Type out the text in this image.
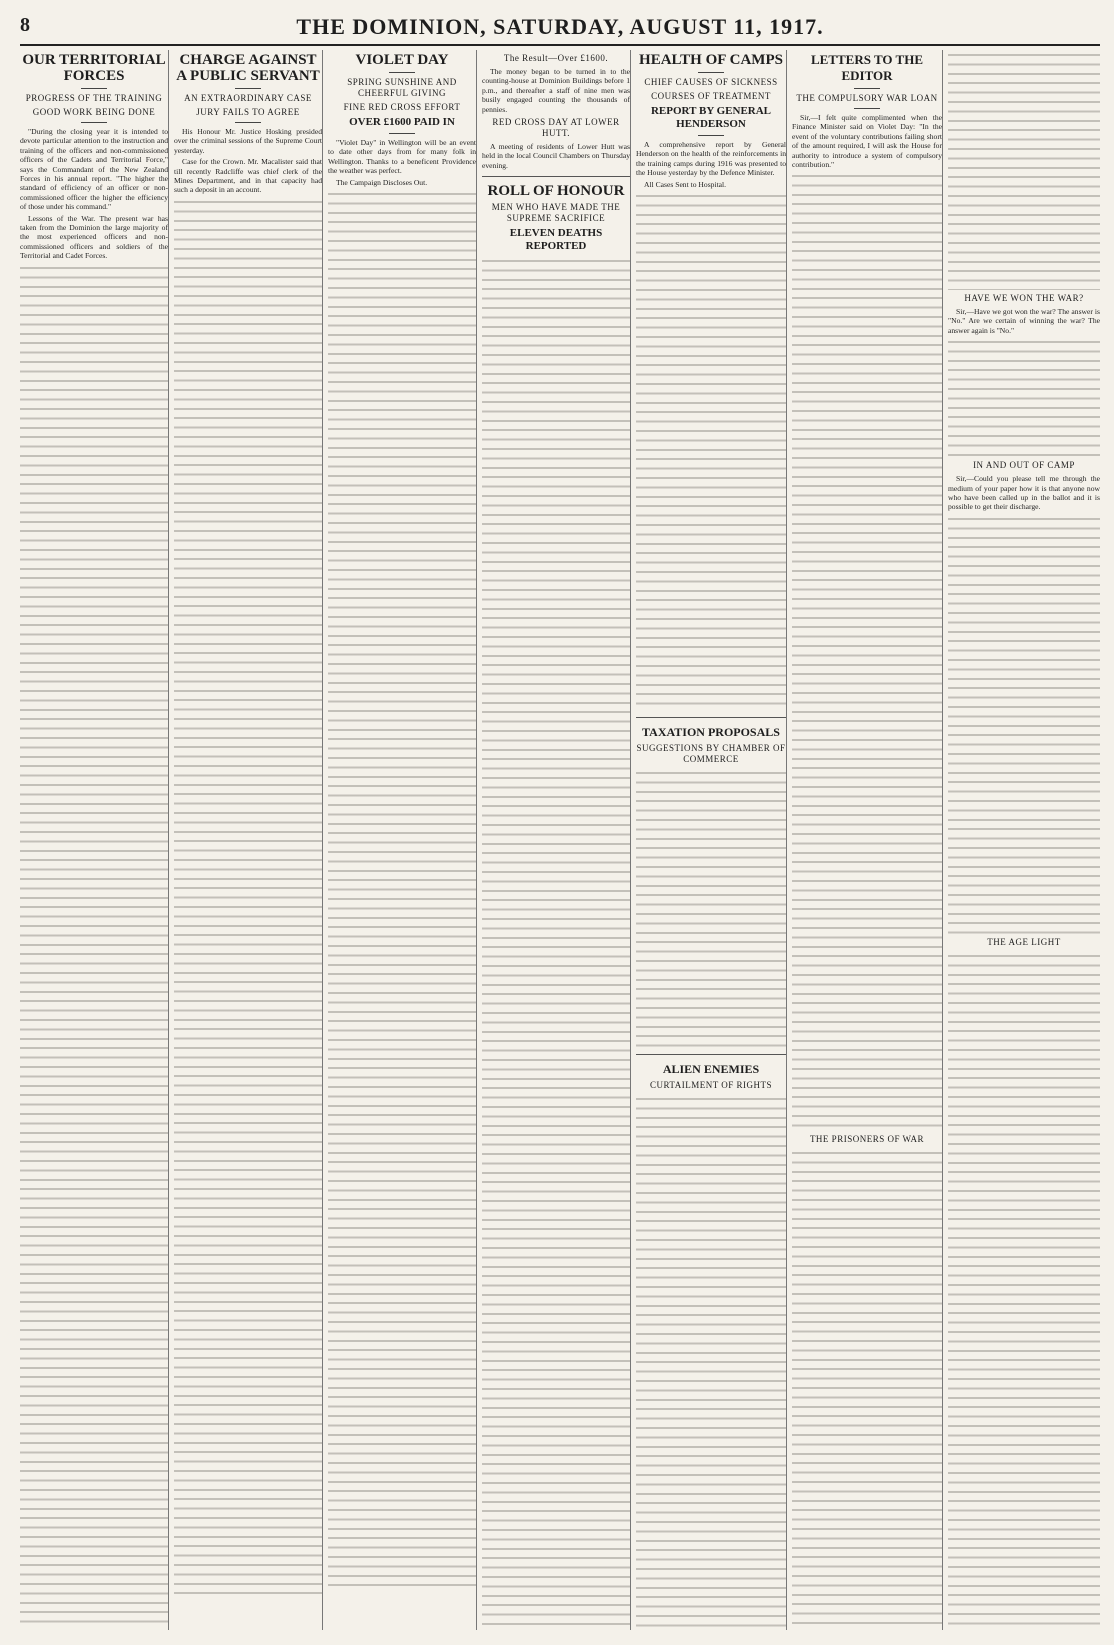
8	THE DOMINION, SATURDAY, AUGUST 11, 1917.
OUR TERRITORIAL FORCES
PROGRESS OF THE TRAINING
GOOD WORK BEING DONE

"During the closing year it is intended to devote particular attention to the instruction and training of the officers and non-commissioned officers of the Cadets and Territorial Force," says the Commandant of the New Zealand Forces in his annual report. "The higher the standard of efficiency of an officer or non-commissioned officer the higher the efficiency of those under his command."

Lessons of the War. The present war has taken from the Dominion the large majority of the most experienced officers and non-commissioned officers and soldiers of the Territorial and Cadet Forces.

CHARGE AGAINST A PUBLIC SERVANT
AN EXTRAORDINARY CASE
JURY FAILS TO AGREE

His Honour Mr. Justice Hosking presided over the criminal sessions of the Supreme Court yesterday.

Case for the Crown. Mr. Macalister said that till recently Radcliffe was chief clerk of the Mines Department, and in that capacity had such a deposit in an account.

VIOLET DAY
SPRING SUNSHINE AND CHEERFUL GIVING
FINE RED CROSS EFFORT
OVER £1600 PAID IN

"Violet Day" in Wellington will be an event to date other days from for many folk in Wellington. Thanks to a beneficent Providence the weather was perfect.

The Campaign Discloses Out.

The Result—Over £1600.

The money began to be turned in to the counting-house at Dominion Buildings before 1 p.m., and thereafter a staff of nine men was busily engaged counting the thousands of pennies.

RED CROSS DAY AT LOWER HUTT.

A meeting of residents of Lower Hutt was held in the local Council Chambers on Thursday evening.

ROLL OF HONOUR
MEN WHO HAVE MADE THE SUPREME SACRIFICE
ELEVEN DEATHS REPORTED
HEALTH OF CAMPS
CHIEF CAUSES OF SICKNESS
COURSES OF TREATMENT
REPORT BY GENERAL HENDERSON

A comprehensive report by General Henderson on the health of the reinforcements in the training camps during 1916 was presented to the House yesterday by the Defence Minister.

All Cases Sent to Hospital.

TAXATION PROPOSALS
SUGGESTIONS BY CHAMBER OF COMMERCE
ALIEN ENEMIES
CURTAILMENT OF RIGHTS
LETTERS TO THE EDITOR
THE COMPULSORY WAR LOAN

Sir,—I felt quite complimented when the Finance Minister said on Violet Day: "In the event of the voluntary contributions failing short of the amount required, I will ask the House for authority to introduce a system of compulsory contribution."

THE PRISONERS OF WAR
HAVE WE WON THE WAR?

Sir,—Have we got won the war? The answer is "No." Are we certain of winning the war? The answer again is "No."

IN AND OUT OF CAMP

Sir,—Could you please tell me through the medium of your paper how it is that anyone now who have been called up in the ballot and it is possible to get their discharge.

THE AGE LIGHT
